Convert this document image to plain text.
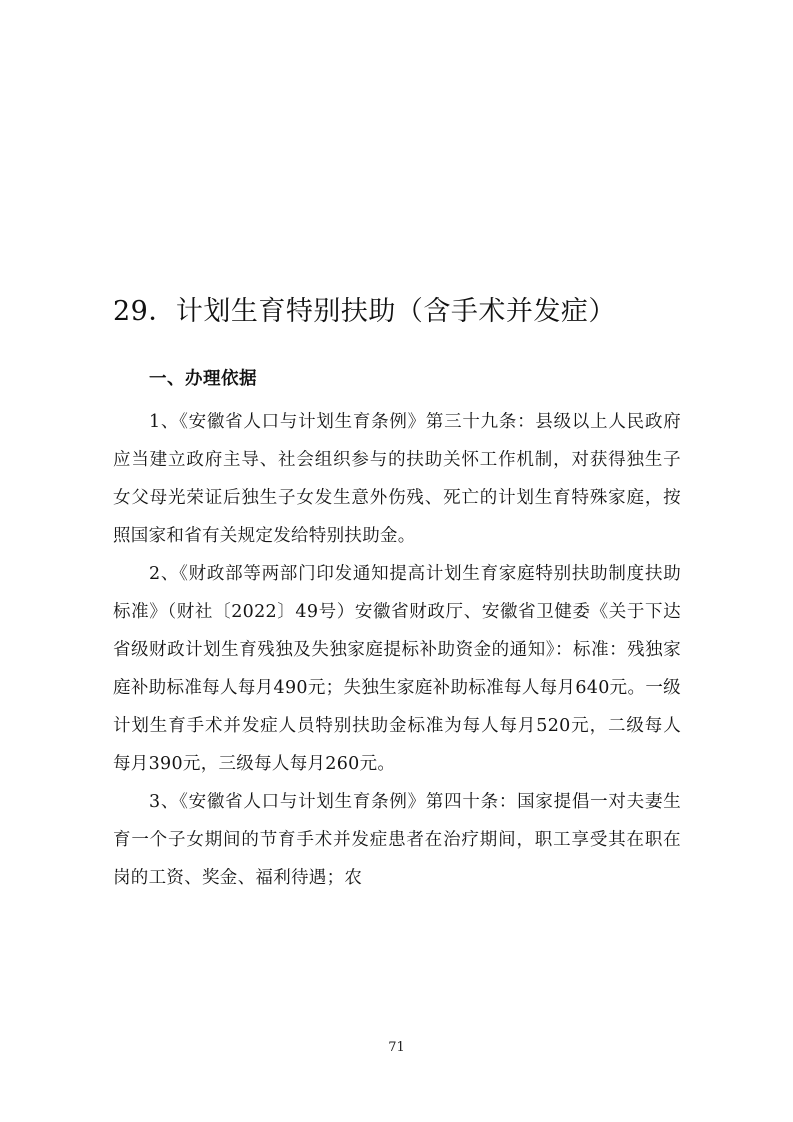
29．计划生育特别扶助（含手术并发症）
一、办理依据

1、《安徽省人口与计划生育条例》第三十九条：县级以上人民政府应当建立政府主导、社会组织参与的扶助关怀工作机制，对获得独生子女父母光荣证后独生子女发生意外伤残、死亡的计划生育特殊家庭，按照国家和省有关规定发给特别扶助金。

2、《财政部等两部门印发通知提高计划生育家庭特别扶助制度扶助标准》（财社〔2022〕49号）安徽省财政厅、安徽省卫健委《关于下达省级财政计划生育残独及失独家庭提标补助资金的通知》：标准：残独家庭补助标准每人每月490元；失独生家庭补助标准每人每月640元。一级计划生育手术并发症人员特别扶助金标准为每人每月520元，二级每人每月390元，三级每人每月260元。

3、《安徽省人口与计划生育条例》第四十条：国家提倡一对夫妻生育一个子女期间的节育手术并发症患者在治疗期间，职工享受其在职在岗的工资、奖金、福利待遇；农

71
